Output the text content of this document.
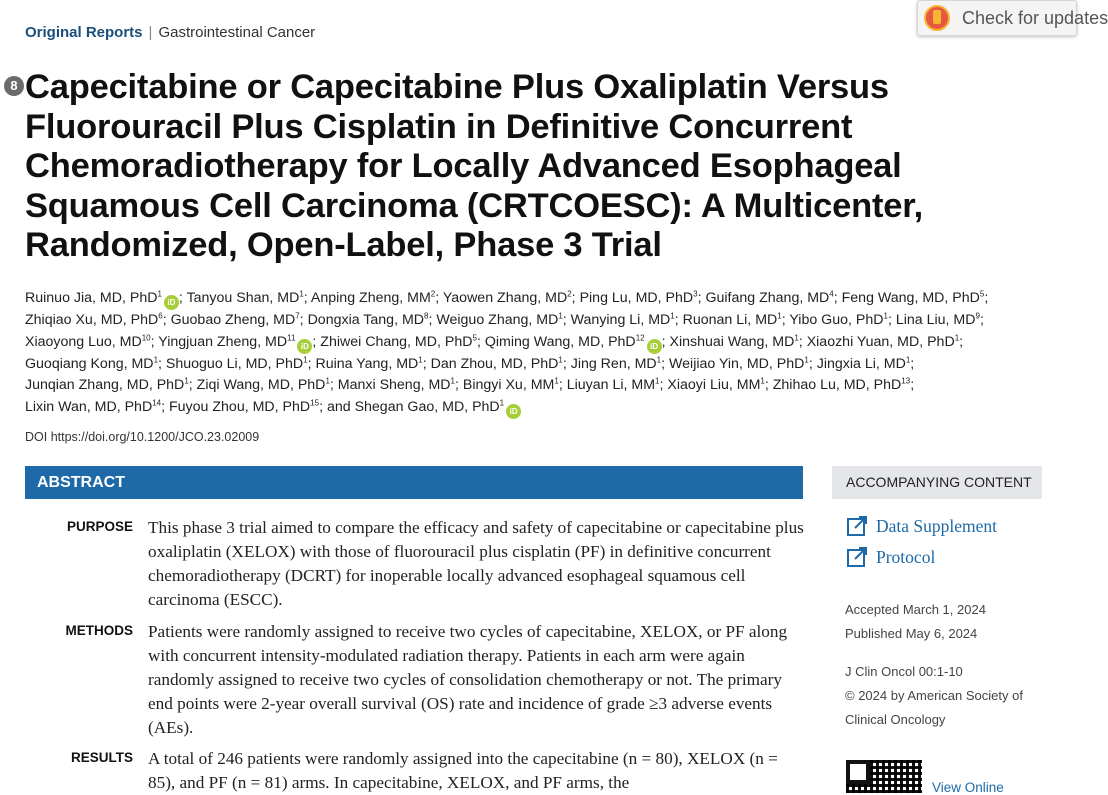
Original Reports | Gastrointestinal Cancer
Check for updates
8 Capecitabine or Capecitabine Plus Oxaliplatin Versus Fluorouracil Plus Cisplatin in Definitive Concurrent Chemoradiotherapy for Locally Advanced Esophageal Squamous Cell Carcinoma (CRTCOESC): A Multicenter, Randomized, Open-Label, Phase 3 Trial
Ruinuo Jia, MD, PhD$^1$iD ; Tanyou Shan, $MD^1$; Anping Zheng, $MM^2$; Yaowen Zhang, $MD^2$; Ping Lu, MD, PhD$^3$; Guifang Zhang, $MD^4$; Feng Wang, MD, PhD$^5$; Zhiqiao Xu, MD, PhD$^6$; Guobao Zheng, $MD^7$; Dongxia Tang, $MD^8$; Weiguo Zhang, $MD^1$; Wanying Li, $MD^1$; Ruonan Li, $MD^1$; Yibo Guo, PhD$^1$; Lina Liu, $MD^9$; Xiaoyong Luo, MD$^{10}$; Yingjuan Zheng, MD$^{11}$iD ; Zhiwei Chang, MD, PhD$^5$; Qiming Wang, MD, PhD$^{12}$iD ; Xinshuai Wang, $MD^1$; Xiaozhi Yuan, MD, PhD$^1$; Guoqiang Kong, $MD^1$; Shuoguo Li, MD, PhD$^1$; Ruina Yang, $MD^1$; Dan Zhou, MD, PhD$^1$; Jing Ren, $MD^1$; Weijiao Yin, MD, PhD$^1$; Jingxia Li, $MD^1$; Junqian Zhang, MD, PhD$^1$; Ziqi Wang, MD, PhD$^1$; Manxi Sheng, $MD^1$; Bingyi Xu, $MM^1$; Liuyan Li, $MM^1$; Xiaoyi Liu, $MM^1$; Zhihao Lu, MD, PhD$^{13}$; Lixin Wan, MD, PhD$^{14}$; Fuyou Zhou, MD, PhD$^{15}$; and Shegan Gao, MD, PhD$^1$iD
DOI https://doi.org/10.1200/JCO.23.02009
ABSTRACT
PURPOSE This phase 3 trial aimed to compare the efficacy and safety of capecitabine or capecitabine plus oxaliplatin (XELOX) with those of fluorouracil plus cisplatin (PF) in definitive concurrent chemoradiotherapy (DCRT) for inoperable locally advanced esophageal squamous cell carcinoma (ESCC).
METHODS Patients were randomly assigned to receive two cycles of capecitabine, XELOX, or PF along with concurrent intensity-modulated radiation therapy. Patients in each arm were again randomly assigned to receive two cycles of consolidation chemotherapy or not. The primary end points were 2-year overall survival (OS) rate and incidence of grade ≥3 adverse events (AEs).
RESULTS A total of 246 patients were randomly assigned into the capecitabine (n = 80), XELOX (n = 85), and PF (n = 81) arms. In capecitabine, XELOX, and PF arms, the
ACCOMPANYING CONTENT
Data Supplement
Protocol
Accepted March 1, 2024
Published May 6, 2024
J Clin Oncol 00:1-10
© 2024 by American Society of
Clinical Oncology
View Online
